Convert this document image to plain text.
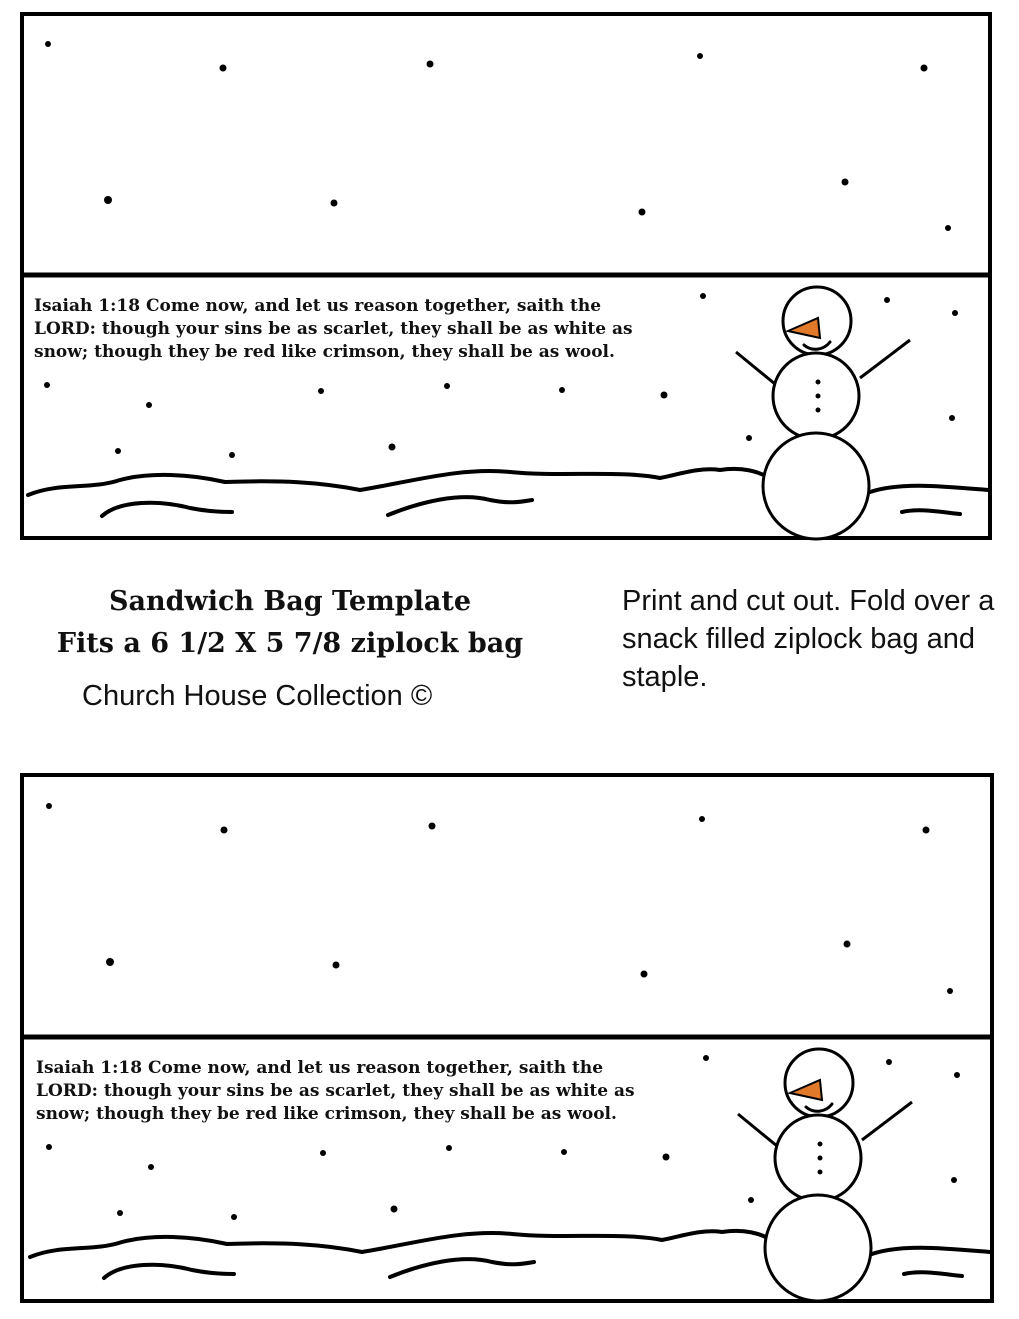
Isaiah 1:18 Come now, and let us reason together, saith the
LORD: though your sins be as scarlet, they shall be as white as
snow; though they be red like crimson, they shall be as wool.

Sandwich Bag Template

Fits a 6 1/2 X 5 7/8 ziplock bag

Church House Collection ©

Print and cut out. Fold over a snack filled ziplock bag and staple.

Isaiah 1:18 Come now, and let us reason together, saith the
LORD: though your sins be as scarlet, they shall be as white as
snow; though they be red like crimson, they shall be as wool.
